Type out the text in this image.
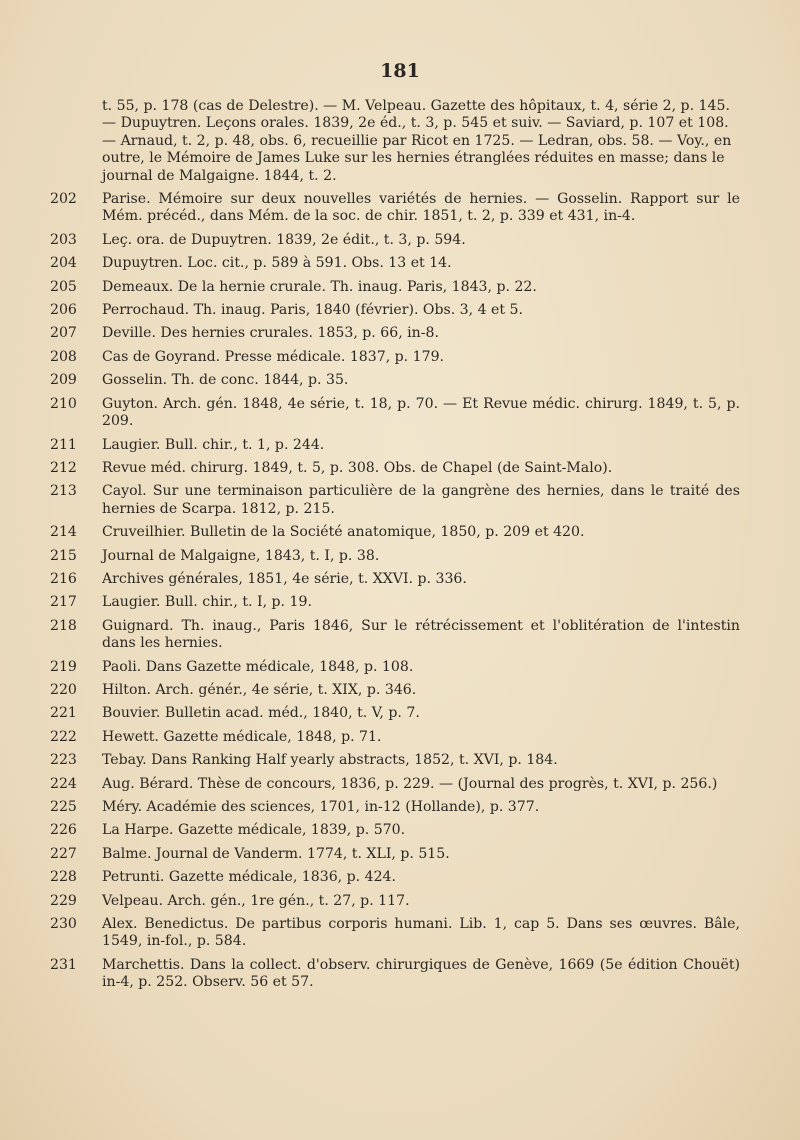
181
t. 55, p. 178 (cas de Delestre). — M. Velpeau. Gazette des hôpitaux, t. 4, série 2, p. 145. — Dupuytren. Leçons orales. 1839, 2e éd., t. 3, p. 545 et suiv. — Saviard, p. 107 et 108. — Arnaud, t. 2, p. 48, obs. 6, recueillie par Ricot en 1725. — Ledran, obs. 58. — Voy., en outre, le Mémoire de James Luke sur les hernies étranglées réduites en masse; dans le journal de Malgaigne. 1844, t. 2.
202	Parise. Mémoire sur deux nouvelles variétés de hernies. — Gosselin. Rapport sur le Mém. précéd., dans Mém. de la soc. de chir. 1851, t. 2, p. 339 et 431, in-4.
203	Leç. ora. de Dupuytren. 1839, 2e édit., t. 3, p. 594.
204	Dupuytren. Loc. cit., p. 589 à 591. Obs. 13 et 14.
205	Demeaux. De la hernie crurale. Th. inaug. Paris, 1843, p. 22.
206	Perrochaud. Th. inaug. Paris, 1840 (février). Obs. 3, 4 et 5.
207	Deville. Des hernies crurales. 1853, p. 66, in-8.
208	Cas de Goyrand. Presse médicale. 1837, p. 179.
209	Gosselin. Th. de conc. 1844, p. 35.
210	Guyton. Arch. gén. 1848, 4e série, t. 18, p. 70. — Et Revue médic. chirurg. 1849, t. 5, p. 209.
211	Laugier. Bull. chir., t. 1, p. 244.
212	Revue méd. chirurg. 1849, t. 5, p. 308. Obs. de Chapel (de Saint-Malo).
213	Cayol. Sur une terminaison particulière de la gangrène des hernies, dans le traité des hernies de Scarpa. 1812, p. 215.
214	Cruveilhier. Bulletin de la Société anatomique, 1850, p. 209 et 420.
215	Journal de Malgaigne, 1843, t. I, p. 38.
216	Archives générales, 1851, 4e série, t. XXVI. p. 336.
217	Laugier. Bull. chir., t. I, p. 19.
218	Guignard. Th. inaug., Paris 1846, Sur le rétrécissement et l'oblitération de l'intestin dans les hernies.
219	Paoli. Dans Gazette médicale, 1848, p. 108.
220	Hilton. Arch. génér., 4e série, t. XIX, p. 346.
221	Bouvier. Bulletin acad. méd., 1840, t. V, p. 7.
222	Hewett. Gazette médicale, 1848, p. 71.
223	Tebay. Dans Ranking Half yearly abstracts, 1852, t. XVI, p. 184.
224	Aug. Bérard. Thèse de concours, 1836, p. 229. — (Journal des progrès, t. XVI, p. 256.)
225	Méry. Académie des sciences, 1701, in-12 (Hollande), p. 377.
226	La Harpe. Gazette médicale, 1839, p. 570.
227	Balme. Journal de Vanderm. 1774, t. XLI, p. 515.
228	Petrunti. Gazette médicale, 1836, p. 424.
229	Velpeau. Arch. gén., 1re gén., t. 27, p. 117.
230	Alex. Benedictus. De partibus corporis humani. Lib. 1, cap 5. Dans ses œuvres. Bâle, 1549, in-fol., p. 584.
231	Marchettis. Dans la collect. d'observ. chirurgiques de Genève, 1669 (5e édition Chouët) in-4, p. 252. Observ. 56 et 57.
